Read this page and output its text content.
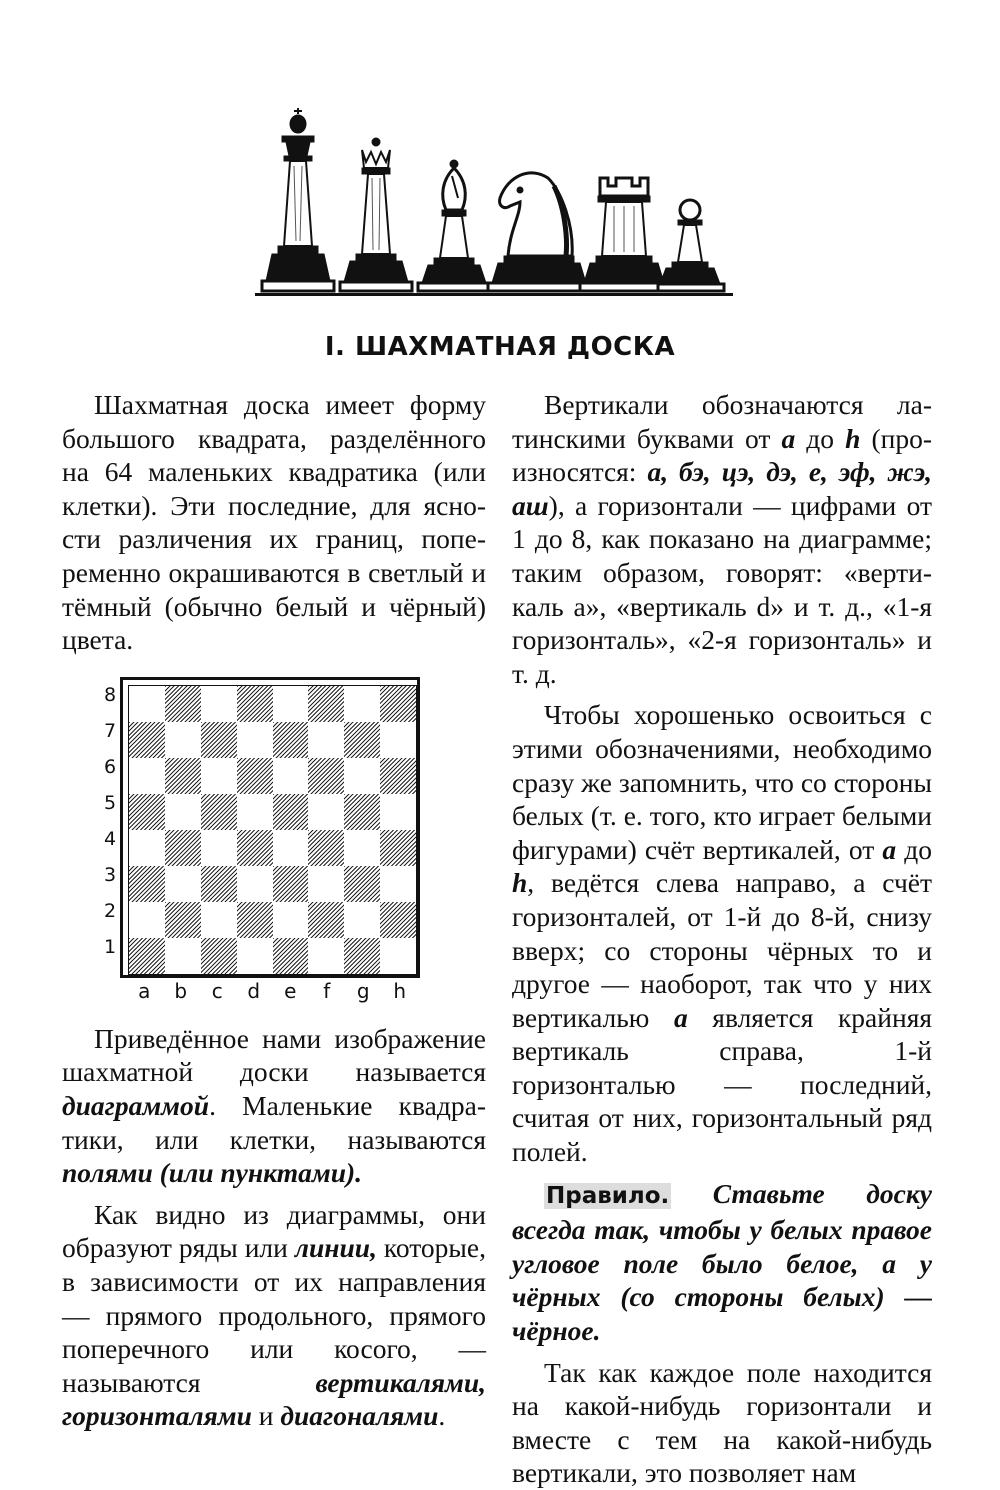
I. ШАХМАТНАЯ ДОСКА

Шахматная доска имеет форму большого квадрата, разделённого на 64 маленьких квадратика (или клетки). Эти последние, для ясности различения их границ, попеременно окрашиваются в светлый и тёмный (обычно белый и чёрный) цвета.

Приведённое нами изображение шахматной доски называется диаграммой. Маленькие квадратики, или клетки, называются полями (или пунктами).

Как видно из диаграммы, они образуют ряды или линии, которые, в зависимости от их направления — прямого продольного, прямого поперечного или косого, — называются вертикалями, горизонталями и диагоналями.

8
7
6
5
4
3
2
1
a	b	c	d	e	f	g	h

Вертикали обозначаются латинскими буквами от a до h (произносятся: а, бэ, цэ, дэ, е, эф, жэ, аш), а горизонтали — цифрами от 1 до 8, как показано на диаграмме; таким образом, говорят: «вертикаль a», «вертикаль d» и т. д., «1-я горизонталь», «2-я горизонталь» и т. д.

Чтобы хорошенько освоиться с этими обозначениями, необходимо сразу же запомнить, что со стороны белых (т. е. того, кто играет белыми фигурами) счёт вертикалей, от a до h, ведётся слева направо, а счёт горизонталей, от 1-й до 8-й, снизу вверх; со стороны чёрных то и другое — наоборот, так что у них вертикалью a является крайняя вертикаль справа, 1-й горизонталью — последний, считая от них, горизонтальный ряд полей.

Правило. Ставьте доску всегда так, чтобы у белых правое угловое поле было белое, а у чёрных (со стороны белых) — чёрное.

Так как каждое поле находится на какой-нибудь горизонтали и вместе с тем на какой-нибудь вертикали, это позволяет нам
